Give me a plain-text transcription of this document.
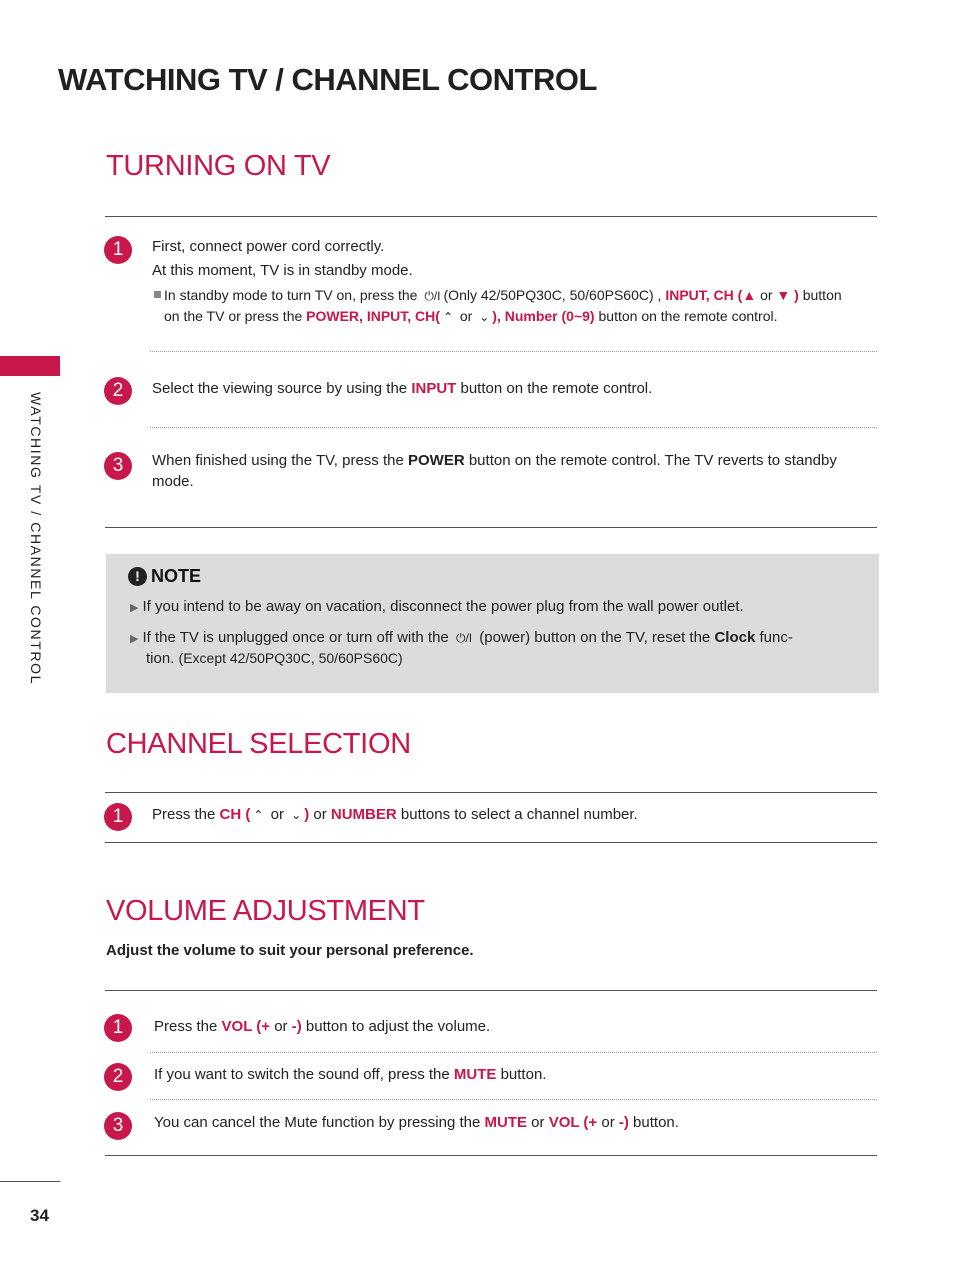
WATCHING TV / CHANNEL CONTROL
WATCHING TV / CHANNEL CONTROL
TURNING ON TV
1	First, connect power cord correctly.
At this moment, TV is in standby mode.
In standby mode to turn TV on, press the ⏻/I (Only 42/50PQ30C, 50/60PS60C) , INPUT, CH (▲ or ▼ ) button
on the TV or press the POWER, INPUT, CH( ⌃ or ⌄ ), Number (0~9) button on the remote control.
2	Select the viewing source by using the INPUT button on the remote control.
3	When finished using the TV, press the POWER button on the remote control. The TV reverts to standby
mode.
! NOTE
▶ If you intend to be away on vacation, disconnect the power plug from the wall power outlet.
▶ If the TV is unplugged once or turn off with the ⏻/I (power) button on the TV, reset the Clock func-
tion. (Except 42/50PQ30C, 50/60PS60C)
CHANNEL SELECTION
1	Press the CH ( ⌃ or ⌄ ) or NUMBER buttons to select a channel number.
VOLUME ADJUSTMENT
Adjust the volume to suit your personal preference.
1	Press the VOL (+ or -) button to adjust the volume.
2	If you want to switch the sound off, press the MUTE button.
3	You can cancel the Mute function by pressing the MUTE or VOL (+ or -) button.
34
